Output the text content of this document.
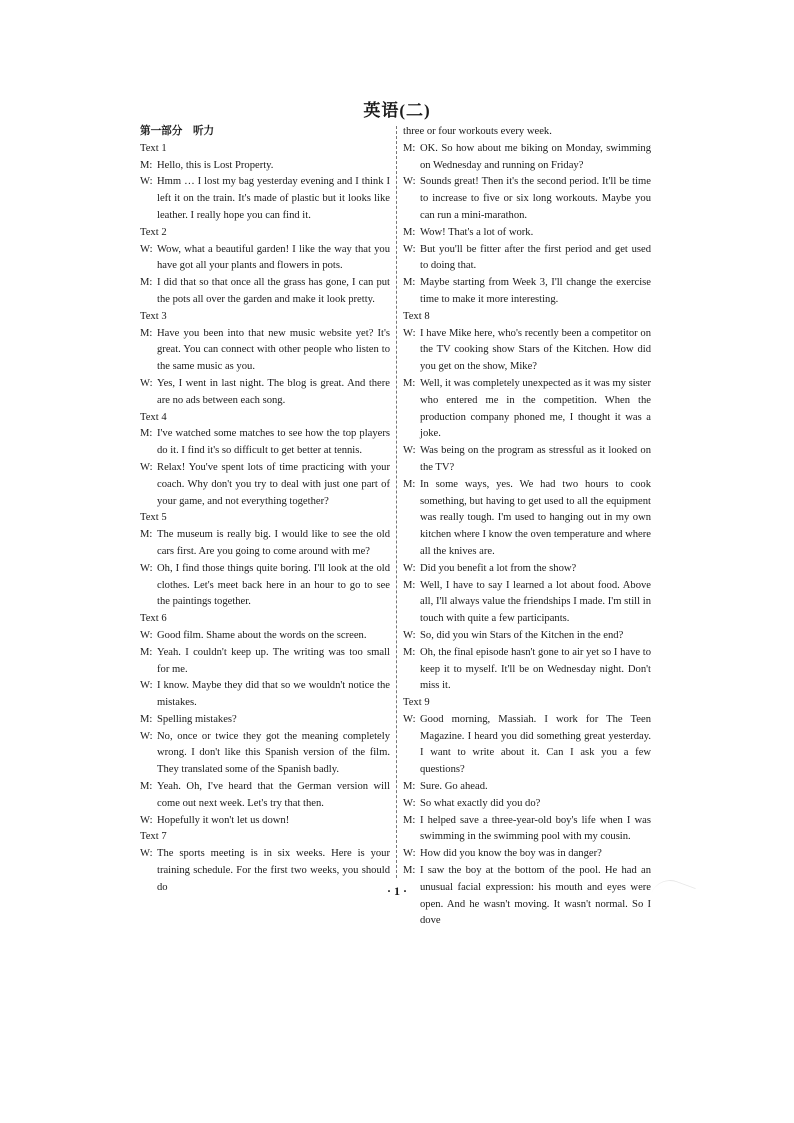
英语(二)
第一部分　听力
Text 1
M: Hello, this is Lost Property.
W: Hmm … I lost my bag yesterday evening and I think I left it on the train. It's made of plastic but it looks like leather. I really hope you can find it.
Text 2
W: Wow, what a beautiful garden! I like the way that you have got all your plants and flowers in pots.
M: I did that so that once all the grass has gone, I can put the pots all over the garden and make it look pretty.
Text 3
M: Have you been into that new music website yet? It's great. You can connect with other people who listen to the same music as you.
W: Yes, I went in last night. The blog is great. And there are no ads between each song.
Text 4
M: I've watched some matches to see how the top players do it. I find it's so difficult to get better at tennis.
W: Relax! You've spent lots of time practicing with your coach. Why don't you try to deal with just one part of your game, and not everything together?
Text 5
M: The museum is really big. I would like to see the old cars first. Are you going to come around with me?
W: Oh, I find those things quite boring. I'll look at the old clothes. Let's meet back here in an hour to go to see the paintings together.
Text 6
W: Good film. Shame about the words on the screen.
M: Yeah. I couldn't keep up. The writing was too small for me.
W: I know. Maybe they did that so we wouldn't notice the mistakes.
M: Spelling mistakes?
W: No, once or twice they got the meaning completely wrong. I don't like this Spanish version of the film. They translated some of the Spanish badly.
M: Yeah. Oh, I've heard that the German version will come out next week. Let's try that then.
W: Hopefully it won't let us down!
Text 7
W: The sports meeting is in six weeks. Here is your training schedule. For the first two weeks, you should do
three or four workouts every week.
M: OK. So how about me biking on Monday, swimming on Wednesday and running on Friday?
W: Sounds great! Then it's the second period. It'll be time to increase to five or six long workouts. Maybe you can run a mini-marathon.
M: Wow! That's a lot of work.
W: But you'll be fitter after the first period and get used to doing that.
M: Maybe starting from Week 3, I'll change the exercise time to make it more interesting.
Text 8
W: I have Mike here, who's recently been a competitor on the TV cooking show Stars of the Kitchen. How did you get on the show, Mike?
M: Well, it was completely unexpected as it was my sister who entered me in the competition. When the production company phoned me, I thought it was a joke.
W: Was being on the program as stressful as it looked on the TV?
M: In some ways, yes. We had two hours to cook something, but having to get used to all the equipment was really tough. I'm used to hanging out in my own kitchen where I know the oven temperature and where all the knives are.
W: Did you benefit a lot from the show?
M: Well, I have to say I learned a lot about food. Above all, I'll always value the friendships I made. I'm still in touch with quite a few participants.
W: So, did you win Stars of the Kitchen in the end?
M: Oh, the final episode hasn't gone to air yet so I have to keep it to myself. It'll be on Wednesday night. Don't miss it.
Text 9
W: Good morning, Massiah. I work for The Teen Magazine. I heard you did something great yesterday. I want to write about it. Can I ask you a few questions?
M: Sure. Go ahead.
W: So what exactly did you do?
M: I helped save a three-year-old boy's life when I was swimming in the swimming pool with my cousin.
W: How did you know the boy was in danger?
M: I saw the boy at the bottom of the pool. He had an unusual facial expression: his mouth and eyes were open. And he wasn't moving. It wasn't normal. So I dove
· 1 ·
